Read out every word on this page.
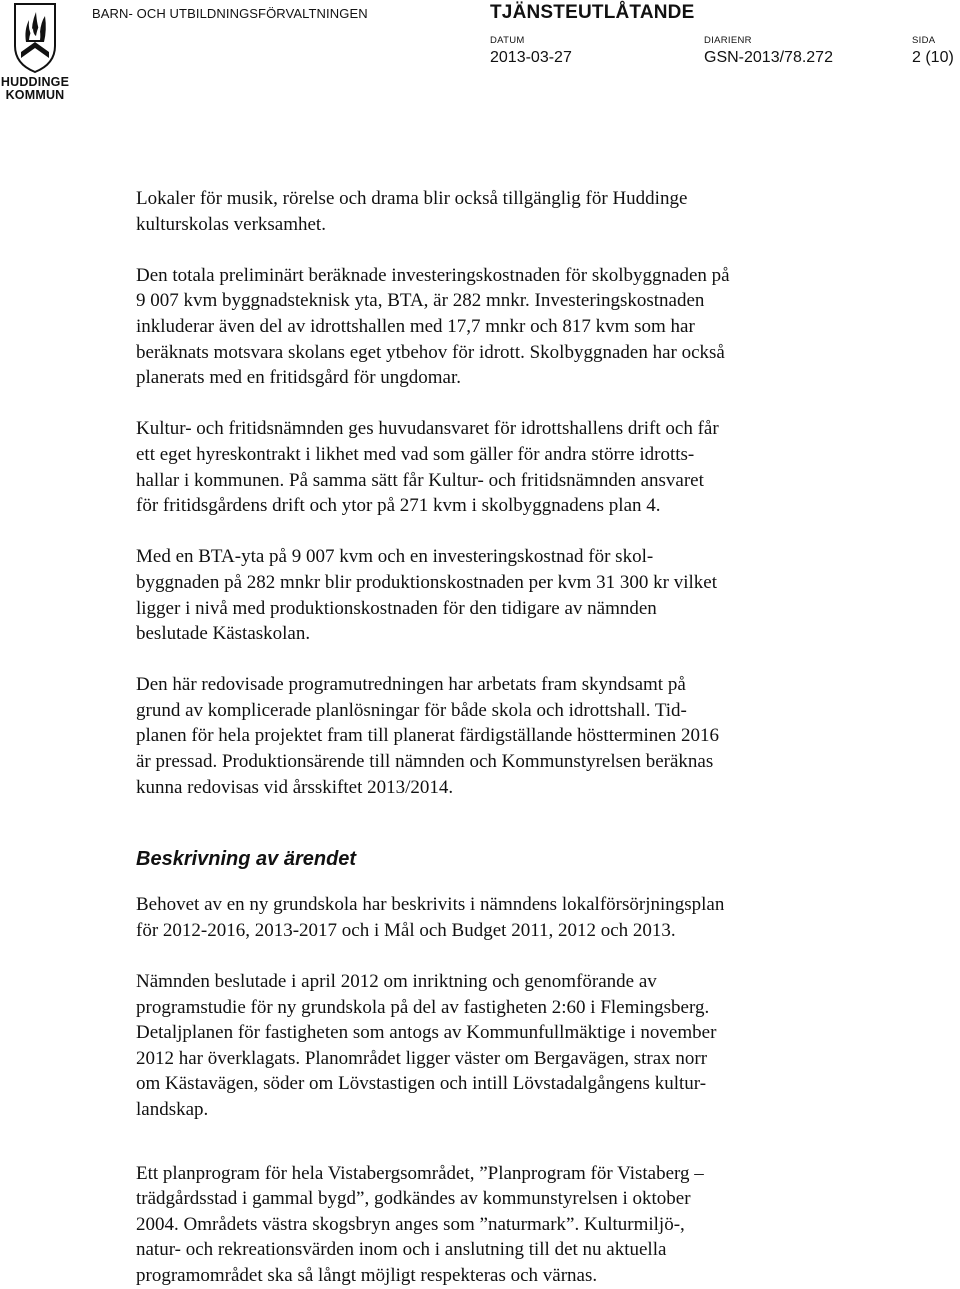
HUDDINGE
KOMMUN
BARN- OCH UTBILDNINGSFÖRVALTNINGEN	TJÄNSTEUTLÅTANDE
DATUM
2013-03-27
DIARIENR
GSN-2013/78.272
SIDA
2 (10)

Lokaler för musik, rörelse och drama blir också tillgänglig för Huddinge
kulturskolas verksamhet.

Den totala preliminärt beräknade investeringskostnaden för skolbyggnaden på
9 007 kvm byggnadsteknisk yta, BTA, är 282 mnkr. Investeringskostnaden
inkluderar även del av idrottshallen med 17,7 mnkr och 817 kvm som har
beräknats motsvara skolans eget ytbehov för idrott. Skolbyggnaden har också
planerats med en fritidsgård för ungdomar.

Kultur- och fritidsnämnden ges huvudansvaret för idrottshallens drift och får
ett eget hyreskontrakt i likhet med vad som gäller för andra större idrotts-
hallar i kommunen. På samma sätt får Kultur- och fritidsnämnden ansvaret
för fritidsgårdens drift och ytor på 271 kvm i skolbyggnadens plan 4.

Med en BTA-yta på 9 007 kvm och en investeringskostnad för skol-
byggnaden på 282 mnkr blir produktionskostnaden per kvm 31 300 kr vilket
ligger i nivå med produktionskostnaden för den tidigare av nämnden
beslutade Kästaskolan.

Den här redovisade programutredningen har arbetats fram skyndsamt på
grund av komplicerade planlösningar för både skola och idrottshall. Tid-
planen för hela projektet fram till planerat färdigställande höstterminen 2016
är pressad. Produktionsärende till nämnden och Kommunstyrelsen beräknas
kunna redovisas vid årsskiftet 2013/2014.

Beskrivning av ärendet

Behovet av en ny grundskola har beskrivits i nämndens lokalförsörjningsplan
för 2012-2016, 2013-2017 och i Mål och Budget 2011, 2012 och 2013.

Nämnden beslutade i april 2012 om inriktning och genomförande av
programstudie för ny grundskola på del av fastigheten 2:60 i Flemingsberg.
Detaljplanen för fastigheten som antogs av Kommunfullmäktige i november
2012 har överklagats. Planområdet ligger väster om Bergavägen, strax norr
om Kästavägen, söder om Lövstastigen och intill Lövstadalgångens kultur-
landskap.

Ett planprogram för hela Vistabergsområdet, ”Planprogram för Vistaberg –
trädgårdsstad i gammal bygd”, godkändes av kommunstyrelsen i oktober
2004. Områdets västra skogsbryn anges som ”naturmark”. Kulturmiljö-,
natur- och rekreationsvärden inom och i anslutning till det nu aktuella
programområdet ska så långt möjligt respekteras och värnas.
